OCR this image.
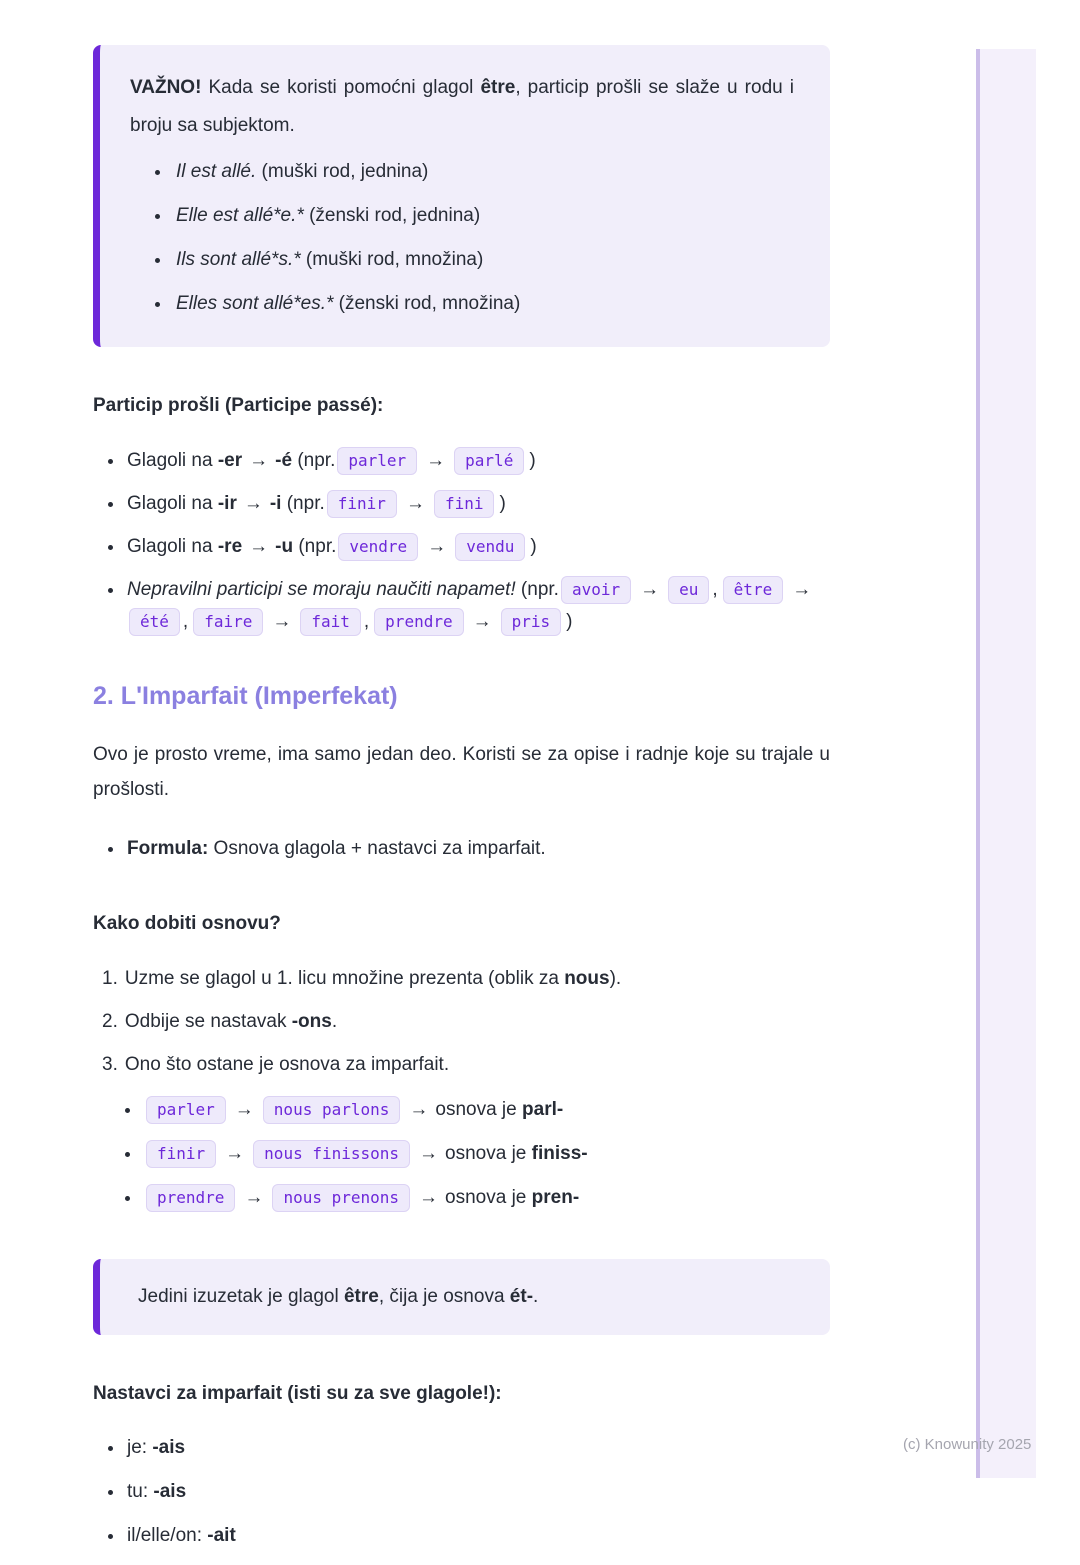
VAŽNO! Kada se koristi pomoćni glagol être, particip prošli se slaže u rodu i broju sa subjektom.

• Il est allé. (muški rod, jednina)
• Elle est allé*e.* (ženski rod, jednina)
• Ils sont allé*s.* (muški rod, množina)
• Elles sont allé*es.* (ženski rod, množina)
Particip prošli (Participe passé):
• Glagoli na -er → -é (npr. parler → parlé )
• Glagoli na -ir → -i (npr. finir → fini )
• Glagoli na -re → -u (npr. vendre → vendu )
• Nepravilni participi se moraju naučiti napamet! (npr. avoir → eu , être →été , faire → fait , prendre → pris )
2. L'Imparfait (Imperfekat)

Ovo je prosto vreme, ima samo jedan deo. Koristi se za opise i radnje koje su trajale u prošlosti.

• Formula: Osnova glagola + nastavci za imparfait.
Kako dobiti osnovu?
1. Uzme se glagol u 1. licu množine prezenta (oblik za nous).
2. Odbije se nastavak -ons.
3. Ono što ostane je osnova za imparfait.
• parler → nous parlons → osnova je parl-
• finir → nous finissons → osnova je finiss-
• prendre → nous prenons → osnova je pren-

Jedini izuzetak je glagol être, čija je osnova ét-.

Nastavci za imparfait (isti su za sve glagole!):
• je: -ais
• tu: -ais
• il/elle/on: -ait
(c) Knowunity 2025
